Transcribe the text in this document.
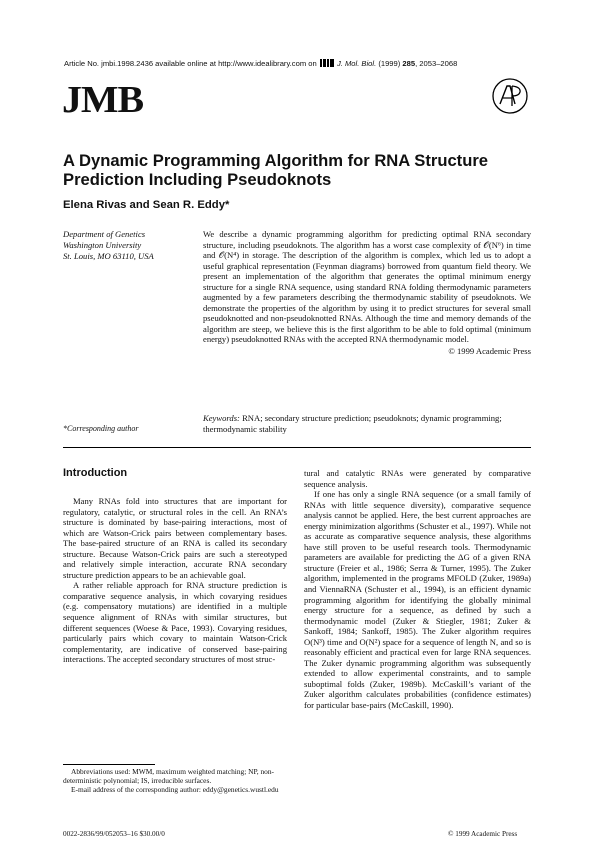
Article No. jmbi.1998.2436 available online at http://www.idealibrary.com on	J. Mol. Biol. (1999) 285, 2053–2068
JMB
A Dynamic Programming Algorithm for RNA Structure Prediction Including Pseudoknots
Elena Rivas and Sean R. Eddy*
Department of Genetics
Washington University
St. Louis, MO 63110, USA
*Corresponding author
We describe a dynamic programming algorithm for predicting optimal RNA secondary structure, including pseudoknots. The algorithm has a worst case complexity of 𝒪(N⁶) in time and 𝒪(N⁴) in storage. The description of the algorithm is complex, which led us to adopt a useful graphical representation (Feynman diagrams) borrowed from quantum field theory. We present an implementation of the algorithm that generates the optimal minimum energy structure for a single RNA sequence, using standard RNA folding thermodynamic parameters augmented by a few parameters describing the thermodynamic stability of pseudoknots. We demonstrate the properties of the algorithm by using it to predict structures for several small pseudoknotted and non-pseudoknotted RNAs. Although the time and memory demands of the algorithm are steep, we believe this is the first algorithm to be able to fold optimal (minimum energy) pseudoknotted RNAs with the accepted RNA thermodynamic model.
© 1999 Academic Press
Keywords: RNA; secondary structure prediction; pseudoknots; dynamic programming; thermodynamic stability
Introduction

Many RNAs fold into structures that are important for regulatory, catalytic, or structural roles in the cell. An RNA’s structure is dominated by base-pairing interactions, most of which are Watson-Crick pairs between complementary bases. The base-paired structure of an RNA is called its secondary structure. Because Watson-Crick pairs are such a stereotyped and relatively simple interaction, accurate RNA secondary structure prediction appears to be an achievable goal.

A rather reliable approach for RNA structure prediction is comparative sequence analysis, in which covarying residues (e.g. compensatory mutations) are identified in a multiple sequence alignment of RNAs with similar structures, but different sequences (Woese & Pace, 1993). Covarying residues, particularly pairs which covary to maintain Watson-Crick complementarity, are indicative of conserved base-pairing interactions. The accepted secondary structures of most struc-

tural and catalytic RNAs were generated by comparative sequence analysis.

If one has only a single RNA sequence (or a small family of RNAs with little sequence diversity), comparative sequence analysis cannot be applied. Here, the best current approaches are energy minimization algorithms (Schuster et al., 1997). While not as accurate as comparative sequence analysis, these algorithms have still proven to be useful research tools. Thermodynamic parameters are available for predicting the ΔG of a given RNA structure (Freier et al., 1986; Serra & Turner, 1995). The Zuker algorithm, implemented in the programs MFOLD (Zuker, 1989a) and ViennaRNA (Schuster et al., 1994), is an efficient dynamic programming algorithm for identifying the globally minimal energy structure for a sequence, as defined by such a thermodynamic model (Zuker & Stiegler, 1981; Zuker & Sankoff, 1984; Sankoff, 1985). The Zuker algorithm requires O(N³) time and O(N²) space for a sequence of length N, and so is reasonably efficient and practical even for large RNA sequences. The Zuker dynamic programming algorithm was subsequently extended to allow experimental constraints, and to sample suboptimal folds (Zuker, 1989b). McCaskill’s variant of the Zuker algorithm calculates probabilities (confidence estimates) for particular base-pairs (McCaskill, 1990).

Abbreviations used: MWM, maximum weighted matching; NP, non-deterministic polynomial; IS, irreducible surfaces.

E-mail address of the corresponding author: eddy@genetics.wustl.edu

0022-2836/99/052053–16 $30.00/0	© 1999 Academic Press
